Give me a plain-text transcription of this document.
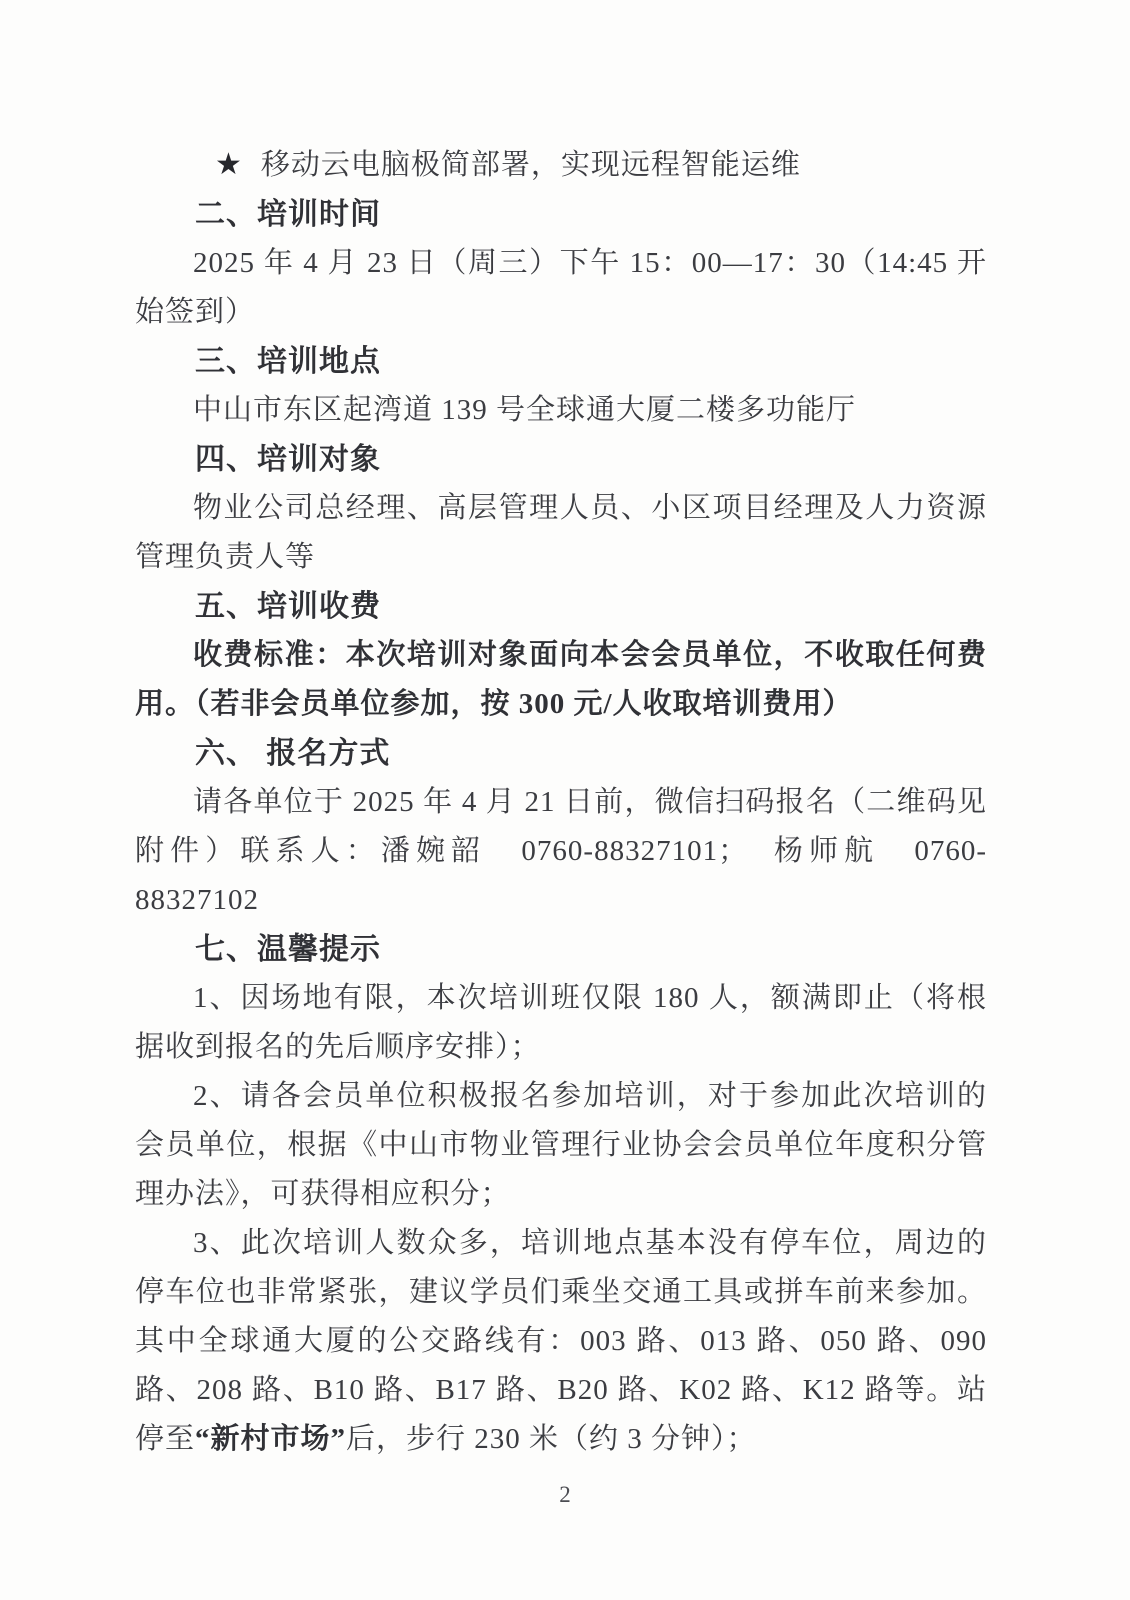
★ 移动云电脑极简部署，实现远程智能运维
二、培训时间
2025 年 4 月 23 日（周三）下午 15：00—17：30（14:45 开始签到）
三、培训地点
中山市东区起湾道 139 号全球通大厦二楼多功能厅
四、培训对象
物业公司总经理、高层管理人员、小区项目经理及人力资源管理负责人等
五、培训收费
收费标准：本次培训对象面向本会会员单位，不收取任何费用。（若非会员单位参加，按 300 元/人收取培训费用）
六、 报名方式
请各单位于 2025 年 4 月 21 日前，微信扫码报名（二维码见附件）联系人：潘婉韶　0760-88327101；　杨师航　0760-88327102
七、温馨提示
1、因场地有限，本次培训班仅限 180 人，额满即止（将根据收到报名的先后顺序安排）；
2、请各会员单位积极报名参加培训，对于参加此次培训的会员单位，根据《中山市物业管理行业协会会员单位年度积分管理办法》，可获得相应积分；
3、此次培训人数众多，培训地点基本没有停车位，周边的停车位也非常紧张，建议学员们乘坐交通工具或拼车前来参加。其中全球通大厦的公交路线有：003 路、013 路、050 路、090 路、208 路、B10 路、B17 路、B20 路、K02 路、K12 路等。站停至“新村市场”后，步行 230 米（约 3 分钟）；
2
